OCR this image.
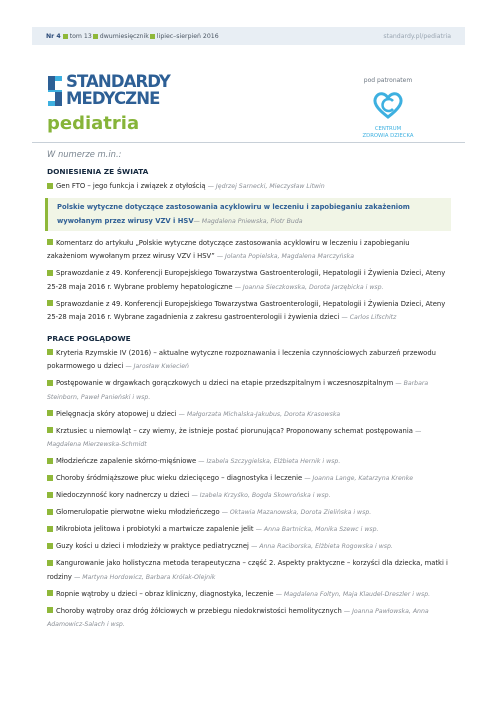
Nr 4 tom 13 dwumiesięcznik lipiec–sierpień 2016	standardy.pl/pediatria
STANDARDY
MEDYCZNE
pediatria
pod patronatem
CENTRUM
ZDROWIA DZIECKA
W numerze m.in.:
DONIESIENIA ZE ŚWIATA
Gen FTO – jego funkcja i związek z otyłością — Jędrzej Sarnecki, Mieczysław Litwin
Polskie wytyczne dotyczące zastosowania acyklowiru w leczeniu i zapobieganiu zakażeniom wywołanym przez wirusy VZV i HSV— Magdalena Pniewska, Piotr Buda
Komentarz do artykułu „Polskie wytyczne dotyczące zastosowania acyklowiru w leczeniu i zapobieganiu zakażeniom wywołanym przez wirusy VZV i HSV” — Jolanta Popielska, Magdalena Marczyńska
Sprawozdanie z 49. Konferencji Europejskiego Towarzystwa Gastroenterologii, Hepatologii i Żywienia Dzieci, Ateny 25-28 maja 2016 r. Wybrane problemy hepatologiczne — Joanna Sieczkowska, Dorota Jarzębicka i wsp.
Sprawozdanie z 49. Konferencji Europejskiego Towarzystwa Gastroenterologii, Hepatologii i Żywienia Dzieci, Ateny 25-28 maja 2016 r. Wybrane zagadnienia z zakresu gastroenterologii i żywienia dzieci — Carlos Lifschitz
PRACE POGLĄDOWE
Kryteria Rzymskie IV (2016) – aktualne wytyczne rozpoznawania i leczenia czynnościowych zaburzeń przewodu pokarmowego u dzieci — Jarosław Kwiecień
Postępowanie w drgawkach gorączkowych u dzieci na etapie przedszpitalnym i wczesnoszpitalnym — Barbara Steinborn, Paweł Panieński i wsp.
Pielęgnacja skóry atopowej u dzieci — Małgorzata Michalska-Jakubus, Dorota Krasowska
Krztusiec u niemowląt – czy wiemy, że istnieje postać piorunująca? Proponowany schemat postępowania — Magdalena Mierzewska-Schmidt
Młodzieńcze zapalenie skórno-mięśniowe — Izabela Szczygielska, Elżbieta Hernik i wsp.
Choroby śródmiąższowe płuc wieku dziecięcego – diagnostyka i leczenie — Joanna Lange, Katarzyna Krenke
Niedoczynność kory nadnerczy u dzieci — Izabela Krzyśko, Bogda Skowrońska i wsp.
Glomerulopatie pierwotne wieku młodzieńczego — Oktawia Mazanowska, Dorota Zielińska i wsp.
Mikrobiota jelitowa i probiotyki a martwicze zapalenie jelit — Anna Bartnicka, Monika Szewc i wsp.
Guzy kości u dzieci i młodzieży w praktyce pediatrycznej — Anna Raciborska, Elżbieta Rogowska i wsp.
Kangurowanie jako holistyczna metoda terapeutyczna – część 2. Aspekty praktyczne – korzyści dla dziecka, matki i rodziny — Martyna Hordowicz, Barbara Królak-Olejnik
Ropnie wątroby u dzieci – obraz kliniczny, diagnostyka, leczenie — Magdalena Foltyn, Maja Klaudel-Dreszler i wsp.
Choroby wątroby oraz dróg żółciowych w przebiegu niedokrwistości hemolitycznych — Joanna Pawłowska, Anna Adamowicz-Salach i wsp.
